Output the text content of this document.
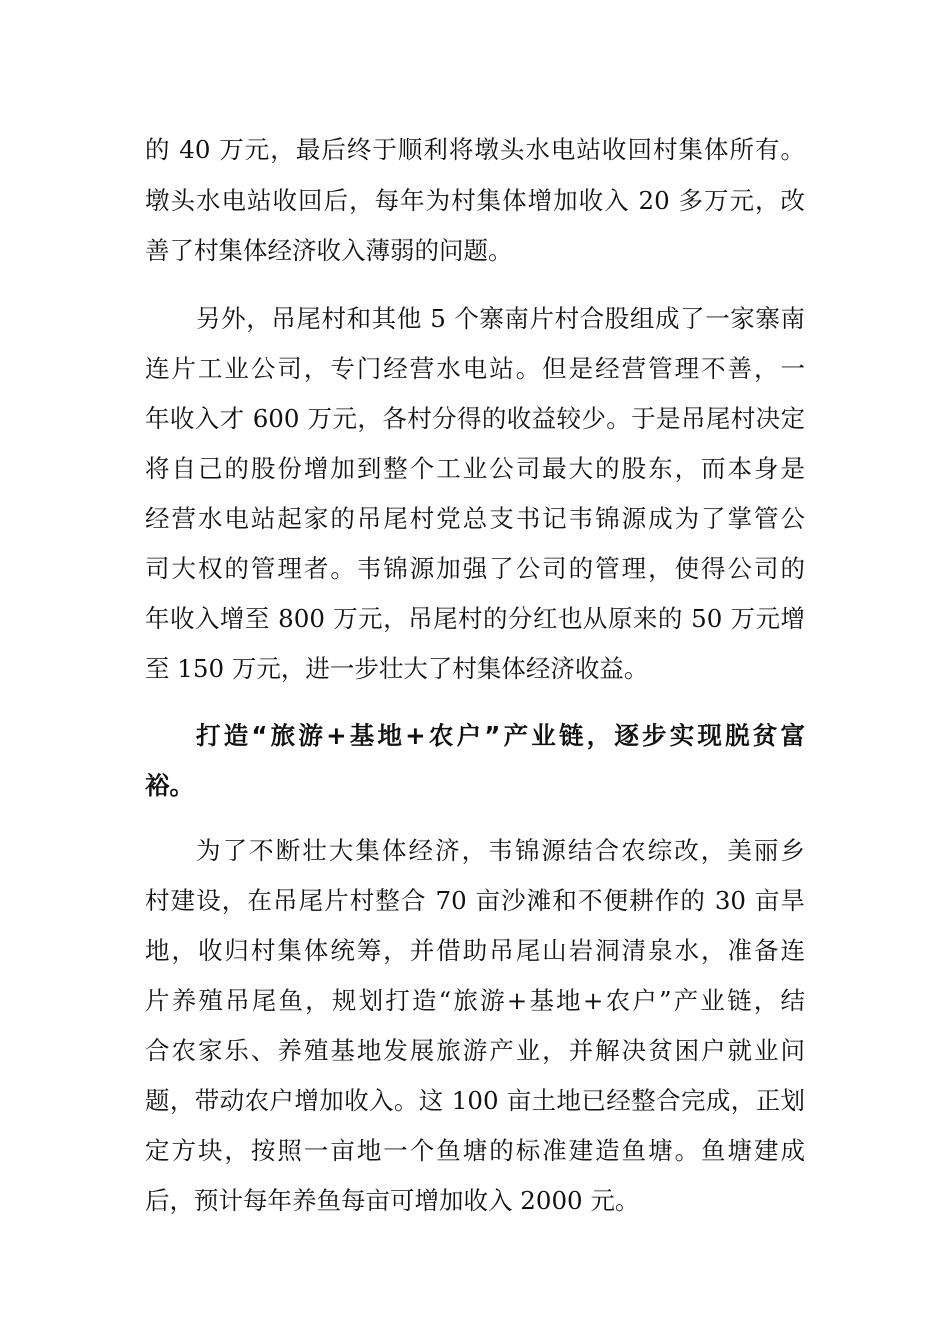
的 40 万元，最后终于顺利将墩头水电站收回村集体所有。
墩头水电站收回后，每年为村集体增加收入 20 多万元，改
善了村集体经济收入薄弱的问题。
另外，吊尾村和其他 5 个寨南片村合股组成了一家寨南
连片工业公司，专门经营水电站。但是经营管理不善，一
年收入才 600 万元，各村分得的收益较少。于是吊尾村决定
将自己的股份增加到整个工业公司最大的股东，而本身是
经营水电站起家的吊尾村党总支书记韦锦源成为了掌管公
司大权的管理者。韦锦源加强了公司的管理，使得公司的
年收入增至 800 万元，吊尾村的分红也从原来的 50 万元增
至 150 万元，进一步壮大了村集体经济收益。
打造“旅游+基地+农户”产业链，逐步实现脱贫富
裕。
为了不断壮大集体经济，韦锦源结合农综改，美丽乡
村建设，在吊尾片村整合 70 亩沙滩和不便耕作的 30 亩旱
地，收归村集体统筹，并借助吊尾山岩洞清泉水，准备连
片养殖吊尾鱼，规划打造“旅游+基地+农户”产业链，结
合农家乐、养殖基地发展旅游产业，并解决贫困户就业问
题，带动农户增加收入。这 100 亩土地已经整合完成，正划
定方块，按照一亩地一个鱼塘的标准建造鱼塘。鱼塘建成
后，预计每年养鱼每亩可增加收入 2000 元。
